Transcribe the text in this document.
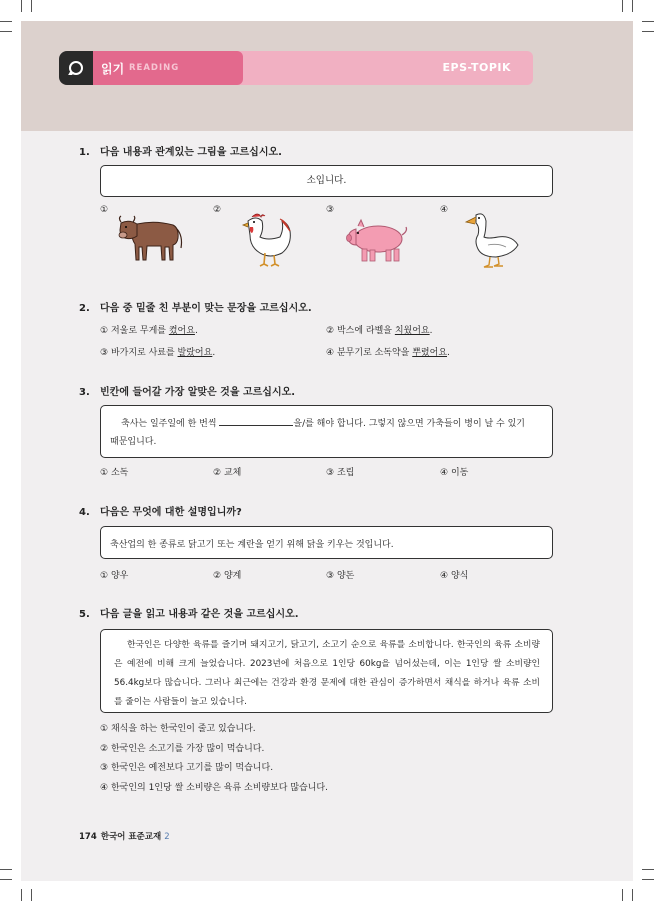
읽기 READING	EPS-TOPIK
1. 다음 내용과 관계있는 그림을 고르십시오.
소입니다.
①	②	③	④
2. 다음 중 밑줄 친 부분이 맞는 문장을 고르십시오.
① 저울로 무게를 켰어요.	② 박스에 라벨을 치웠어요.
③ 바가지로 사료를 발랐어요.	④ 분무기로 소독약을 뿌렸어요.
3. 빈칸에 들어갈 가장 알맞은 것을 고르십시오.
축사는 일주일에 한 번씩	을/를 해야 합니다. 그렇지 않으면 가축들이 병이 날 수 있기
때문입니다.
① 소독	② 교체	③ 조립	④ 이동
4. 다음은 무엇에 대한 설명입니까?
축산업의 한 종류로 닭고기 또는 계란을 얻기 위해 닭을 키우는 것입니다.
① 양우	② 양계	③ 양돈	④ 양식
5. 다음 글을 읽고 내용과 같은 것을 고르십시오.
한국인은 다양한 육류를 즐기며 돼지고기, 닭고기, 소고기 순으로 육류를 소비합니다. 한국인의 육류 소비량은 예전에 비해 크게 늘었습니다. 2023년에 처음으로 1인당 60kg을 넘어섰는데, 이는 1인당 쌀 소비량인 56.4kg보다 많습니다. 그러나 최근에는 건강과 환경 문제에 대한 관심이 증가하면서 채식을 하거나 육류 소비를 줄이는 사람들이 늘고 있습니다.
① 채식을 하는 한국인이 줄고 있습니다.
② 한국인은 소고기를 가장 많이 먹습니다.
③ 한국인은 예전보다 고기를 많이 먹습니다.
④ 한국인의 1인당 쌀 소비량은 육류 소비량보다 많습니다.
174 한국어 표준교재 2
